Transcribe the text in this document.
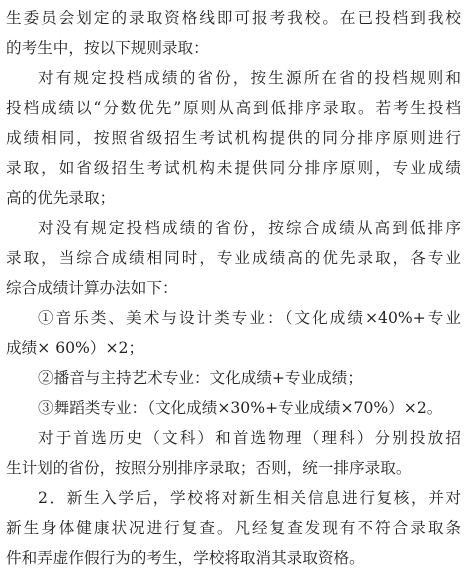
生委员会划定的录取资格线即可报考我校。在已投档到我校
的考生中，按以下规则录取：
对有规定投档成绩的省份，按生源所在省的投档规则和
投档成绩以“分数优先”原则从高到低排序录取。若考生投档
成绩相同，按照省级招生考试机构提供的同分排序原则进行
录取，如省级招生考试机构未提供同分排序原则，专业成绩
高的优先录取；
对没有规定投档成绩的省份，按综合成绩从高到低排序
录取，当综合成绩相同时，专业成绩高的优先录取，各专业
综合成绩计算办法如下：
①音乐类、美术与设计类专业：（文化成绩×40%+专业
成绩× 60%）×2；
②播音与主持艺术专业：文化成绩+专业成绩；
③舞蹈类专业：（文化成绩×30%+专业成绩×70%）×2。
对于首选历史（文科）和首选物理（理科）分别投放招
生计划的省份，按照分别排序录取；否则，统一排序录取。
2．新生入学后，学校将对新生相关信息进行复核，并对
新生身体健康状况进行复查。凡经复查发现有不符合录取条
件和弄虚作假行为的考生，学校将取消其录取资格。
